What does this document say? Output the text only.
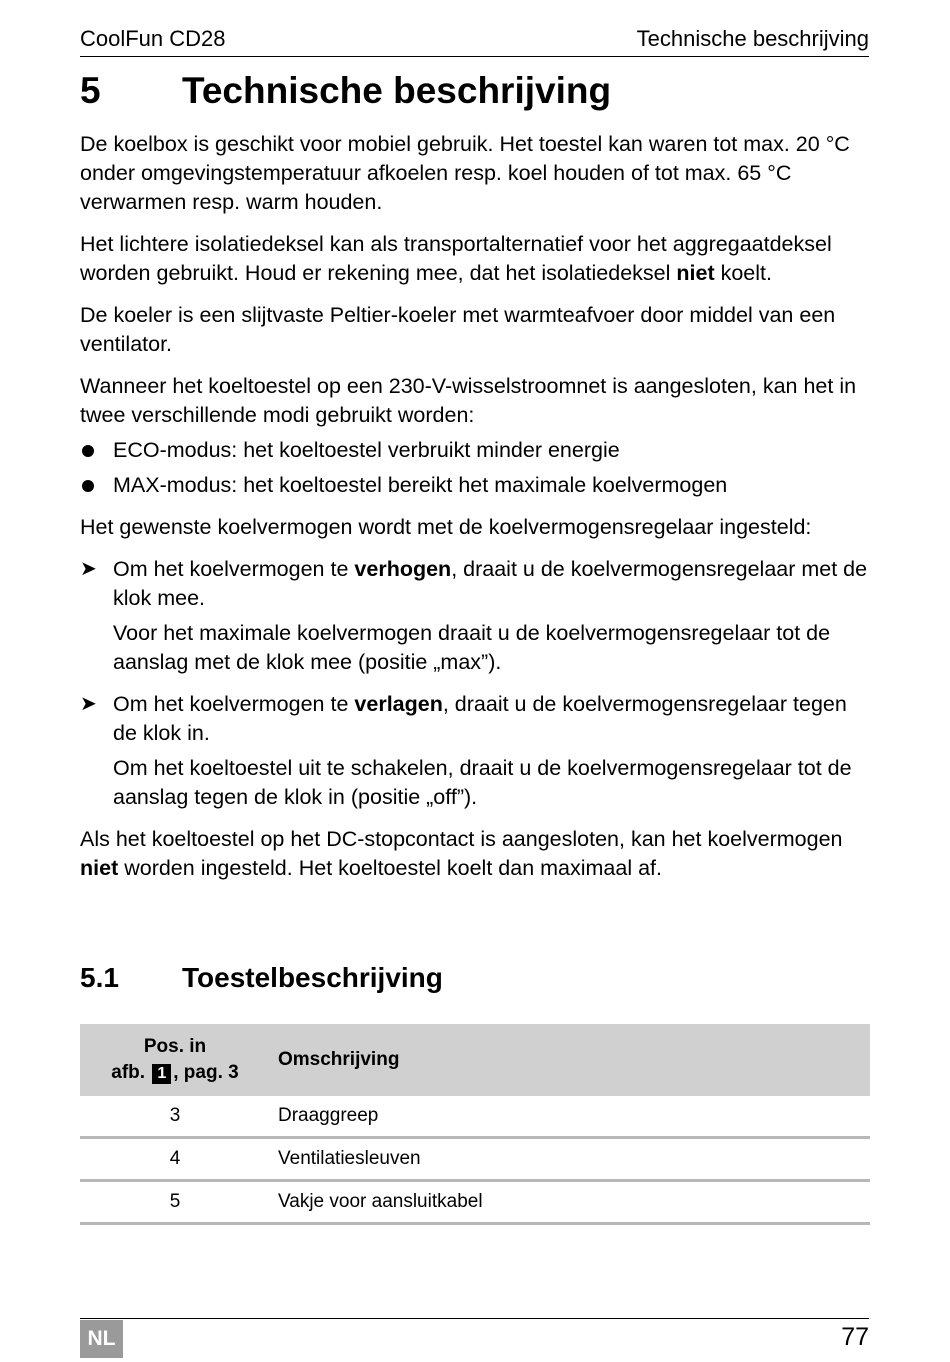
CoolFun CD28	Technische beschrijving
5 Technische beschrijving

De koelbox is geschikt voor mobiel gebruik. Het toestel kan waren tot max. 20 °C onder omgevingstemperatuur afkoelen resp. koel houden of tot max. 65 °C verwarmen resp. warm houden.

Het lichtere isolatiedeksel kan als transportalternatief voor het aggregaatdeksel worden gebruikt. Houd er rekening mee, dat het isolatiedeksel niet koelt.

De koeler is een slijtvaste Peltier-koeler met warmteafvoer door middel van een ventilator.

Wanneer het koeltoestel op een 230-V-wisselstroomnet is aangesloten, kan het in twee verschillende modi gebruikt worden:

ECO-modus: het koeltoestel verbruikt minder energie
MAX-modus: het koeltoestel bereikt het maximale koelvermogen

Het gewenste koelvermogen wordt met de koelvermogensregelaar ingesteld:

➤ Om het koelvermogen te verhogen, draait u de koelvermogensregelaar met de klok mee.

Voor het maximale koelvermogen draait u de koelvermogensregelaar tot de aanslag met de klok mee (positie „max”).

➤ Om het koelvermogen te verlagen, draait u de koelvermogensregelaar tegen de klok in.

Om het koeltoestel uit te schakelen, draait u de koelvermogensregelaar tot de aanslag tegen de klok in (positie „off”).

Als het koeltoestel op het DC-stopcontact is aangesloten, kan het koelvermogen niet worden ingesteld. Het koeltoestel koelt dan maximaal af.

5.1 Toestelbeschrijving
Pos. in
afb. 1 , pag. 3	Omschrijving
3	Draaggreep
4	Ventilatiesleuven
5	Vakje voor aansluitkabel
NL	77
